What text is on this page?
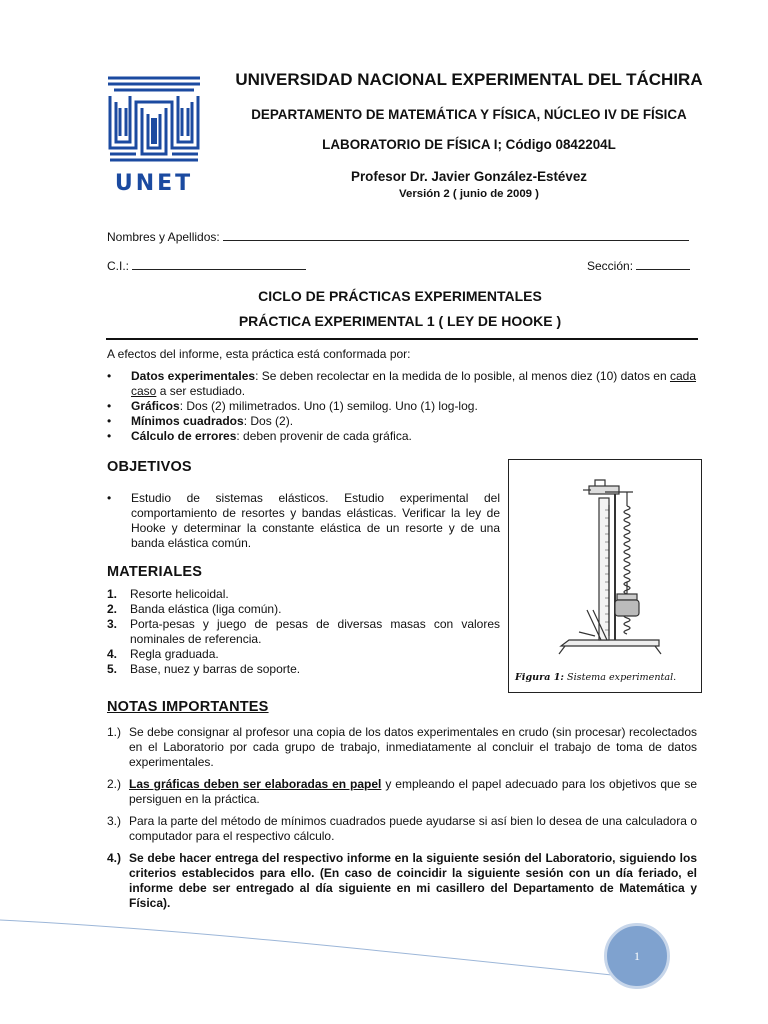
UNET
UNIVERSIDAD NACIONAL EXPERIMENTAL DEL TÁCHIRA
DEPARTAMENTO DE MATEMÁTICA Y FÍSICA, NÚCLEO IV DE FÍSICA
LABORATORIO DE FÍSICA I; Código 0842204L
Profesor Dr. Javier González-Estévez
Versión 2 ( junio de 2009 )
Nombres y Apellidos:
C.I.:	Sección:
CICLO DE PRÁCTICAS EXPERIMENTALES
PRÁCTICA EXPERIMENTAL 1 ( LEY DE HOOKE )
A efectos del informe, esta práctica está conformada por:
• Datos experimentales: Se deben recolectar en la medida de lo posible, al menos diez (10) datos en cada caso a ser estudiado.
• Gráficos: Dos (2) milimetrados. Uno (1) semilog. Uno (1) log-log.
• Mínimos cuadrados: Dos (2).
• Cálculo de errores: deben provenir de cada gráfica.
OBJETIVOS
• Estudio de sistemas elásticos. Estudio experimental del comportamiento de resortes y bandas elásticas. Verificar la ley de Hooke y determinar la constante elástica de un resorte y de una banda elástica común.
MATERIALES
1. Resorte helicoidal.
2. Banda elástica (liga común).
3. Porta-pesas y juego de pesas de diversas masas con valores nominales de referencia.
4. Regla graduada.
5. Base, nuez y barras de soporte.
Figura 1: Sistema experimental.
NOTAS IMPORTANTES
1.) Se debe consignar al profesor una copia de los datos experimentales en crudo (sin procesar) recolectados en el Laboratorio por cada grupo de trabajo, inmediatamente al concluir el trabajo de toma de datos experimentales.
2.) Las gráficas deben ser elaboradas en papel y empleando el papel adecuado para los objetivos que se persiguen en la práctica.
3.) Para la parte del método de mínimos cuadrados puede ayudarse si así bien lo desea de una calculadora o computador para el respectivo cálculo.
4.) Se debe hacer entrega del respectivo informe en la siguiente sesión del Laboratorio, siguiendo los criterios establecidos para ello. (En caso de coincidir la siguiente sesión con un día feriado, el informe debe ser entregado al día siguiente en mi casillero del Departamento de Matemática y Física).
1
